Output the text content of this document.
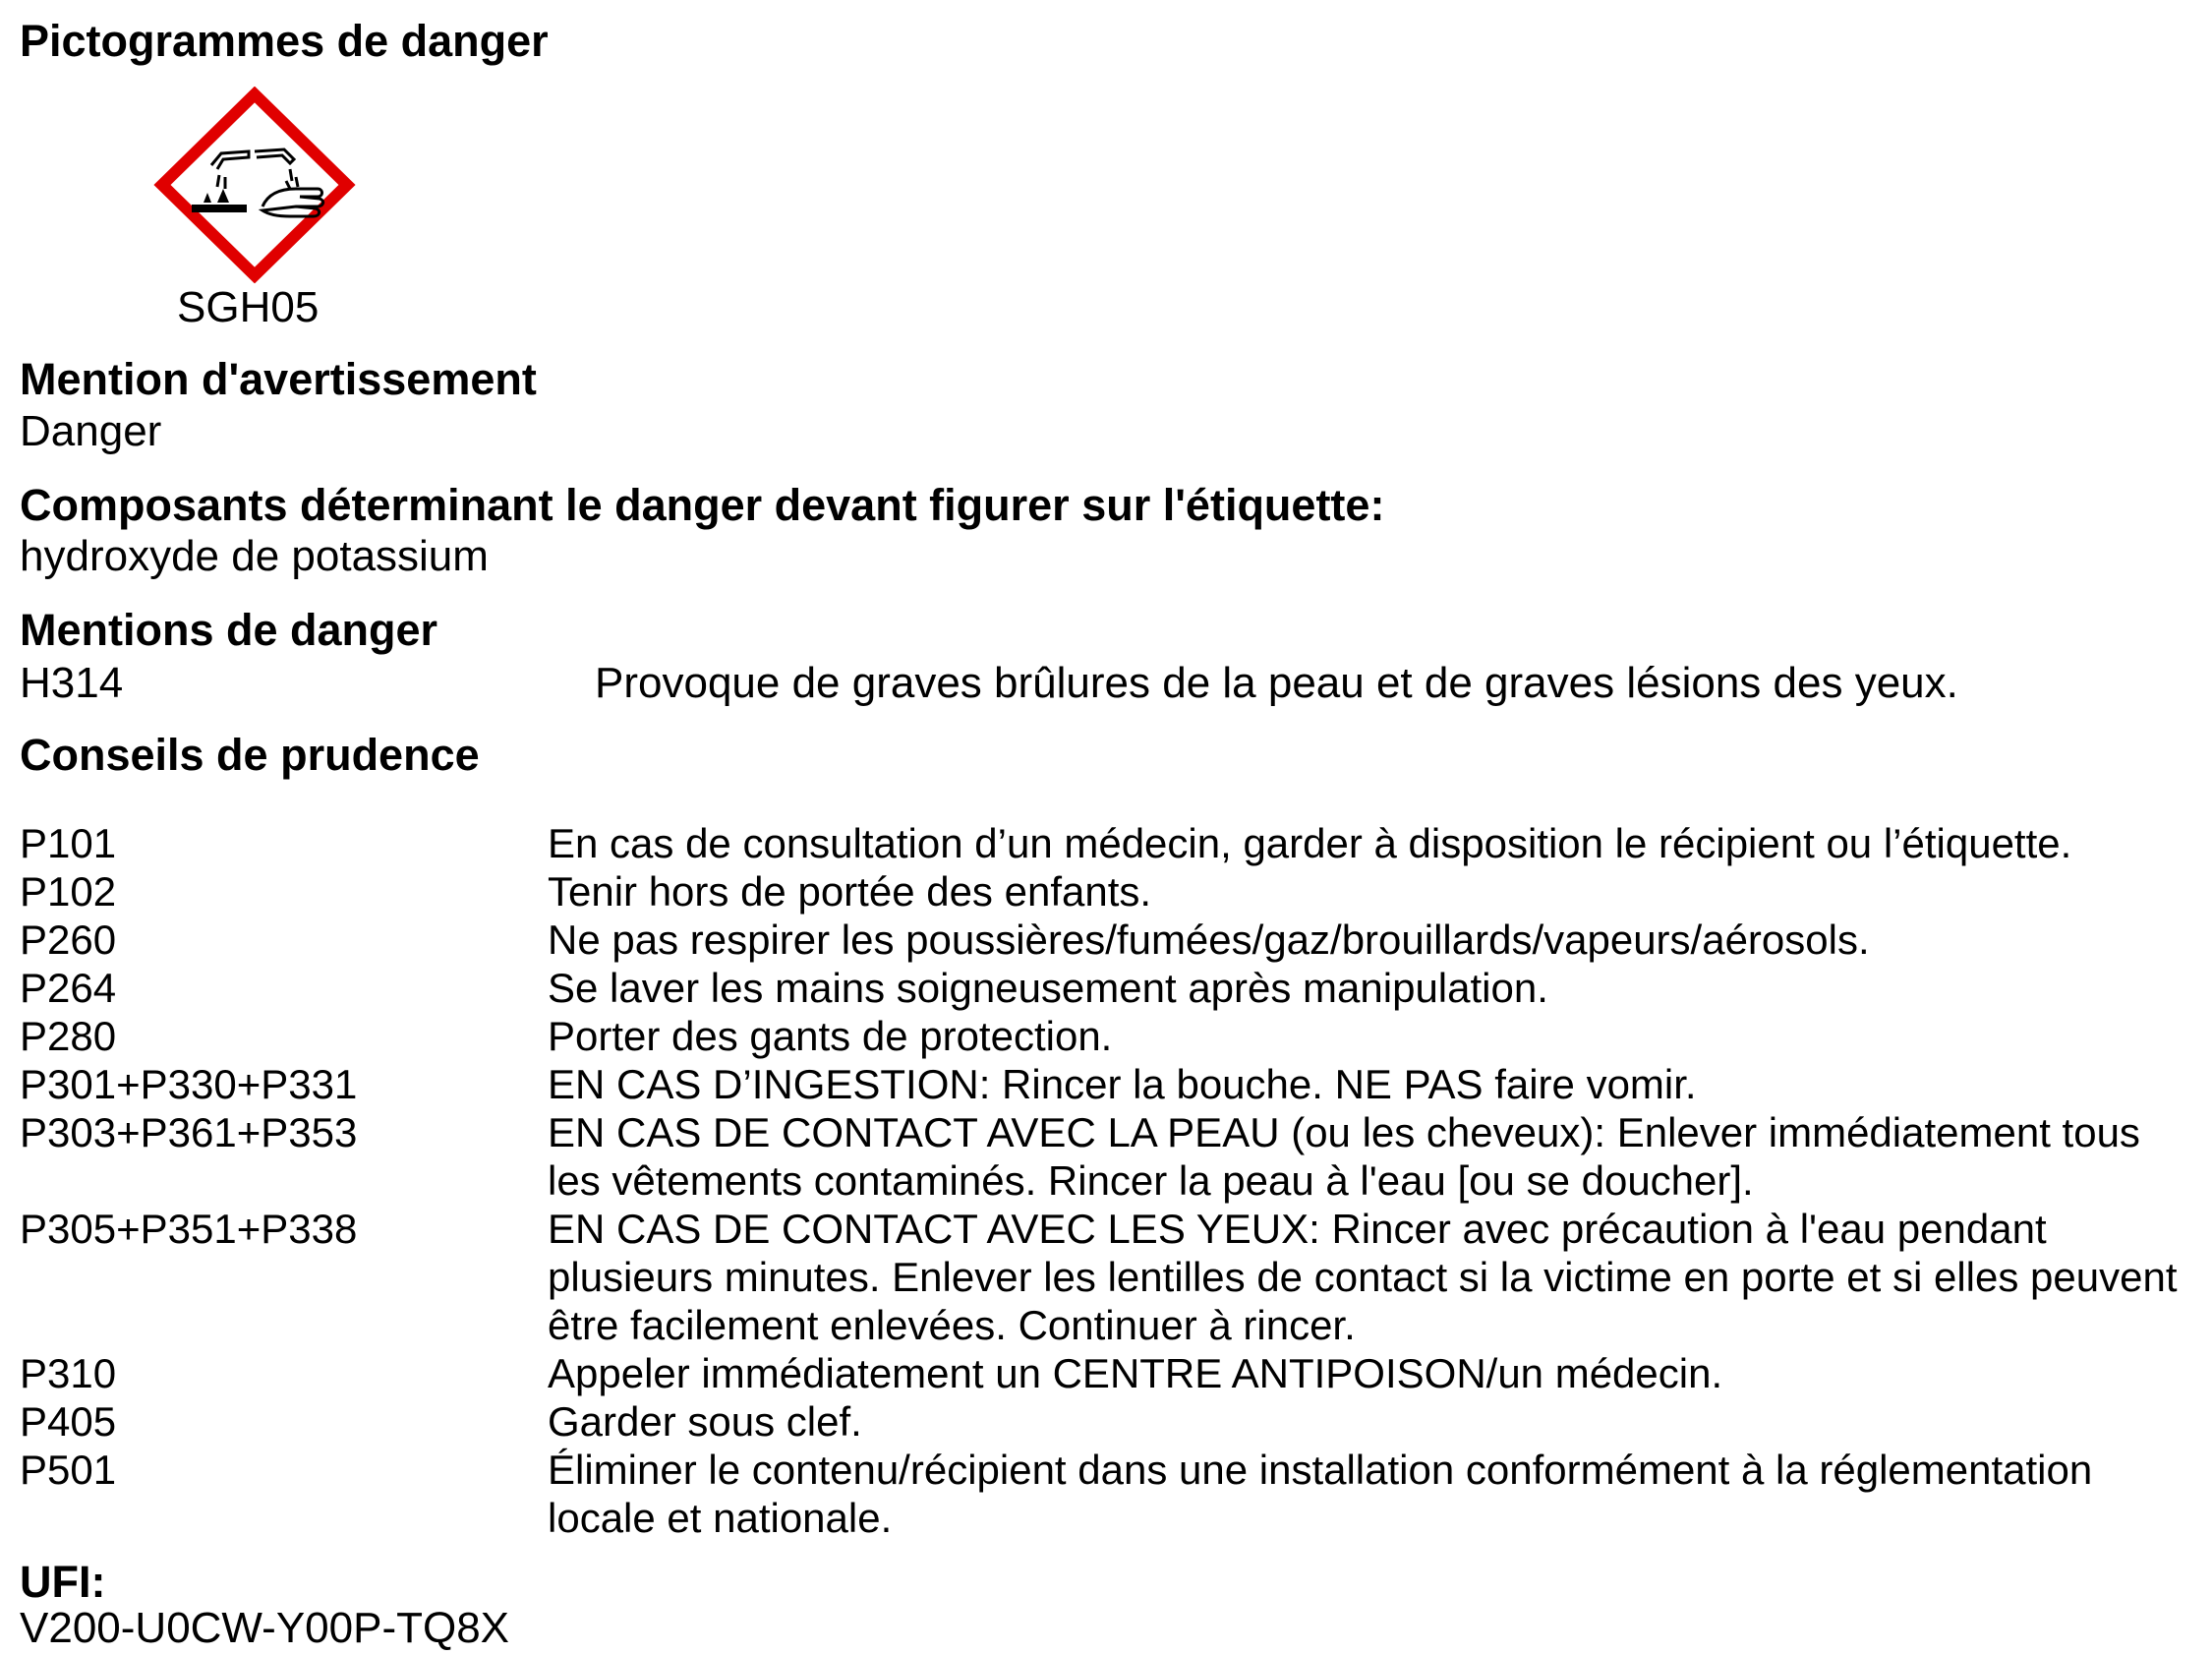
Pictogrammes de danger
SGH05
Mention d'avertissement
Danger
Composants déterminant le danger devant figurer sur l'étiquette:
hydroxyde de potassium
Mentions de danger
H314	Provoque de graves brûlures de la peau et de graves lésions des yeux.
Conseils de prudence
P101	En cas de consultation d’un médecin, garder à disposition le récipient ou l’étiquette.
P102	Tenir hors de portée des enfants.
P260	Ne pas respirer les poussières/fumées/gaz/brouillards/vapeurs/aérosols.
P264	Se laver les mains soigneusement après manipulation.
P280	Porter des gants de protection.
P301+P330+P331	EN CAS D’INGESTION: Rincer la bouche. NE PAS faire vomir.
P303+P361+P353	EN CAS DE CONTACT AVEC LA PEAU (ou les cheveux): Enlever immédiatement tous les vêtements contaminés. Rincer la peau à l'eau [ou se doucher].
P305+P351+P338	EN CAS DE CONTACT AVEC LES YEUX: Rincer avec précaution à l'eau pendant plusieurs minutes. Enlever les lentilles de contact si la victime en porte et si elles peuvent être facilement enlevées. Continuer à rincer.
P310	Appeler immédiatement un CENTRE ANTIPOISON/un médecin.
P405	Garder sous clef.
P501	Éliminer le contenu/récipient dans une installation conformément à la réglementation locale et nationale.
UFI:
V200-U0CW-Y00P-TQ8X
